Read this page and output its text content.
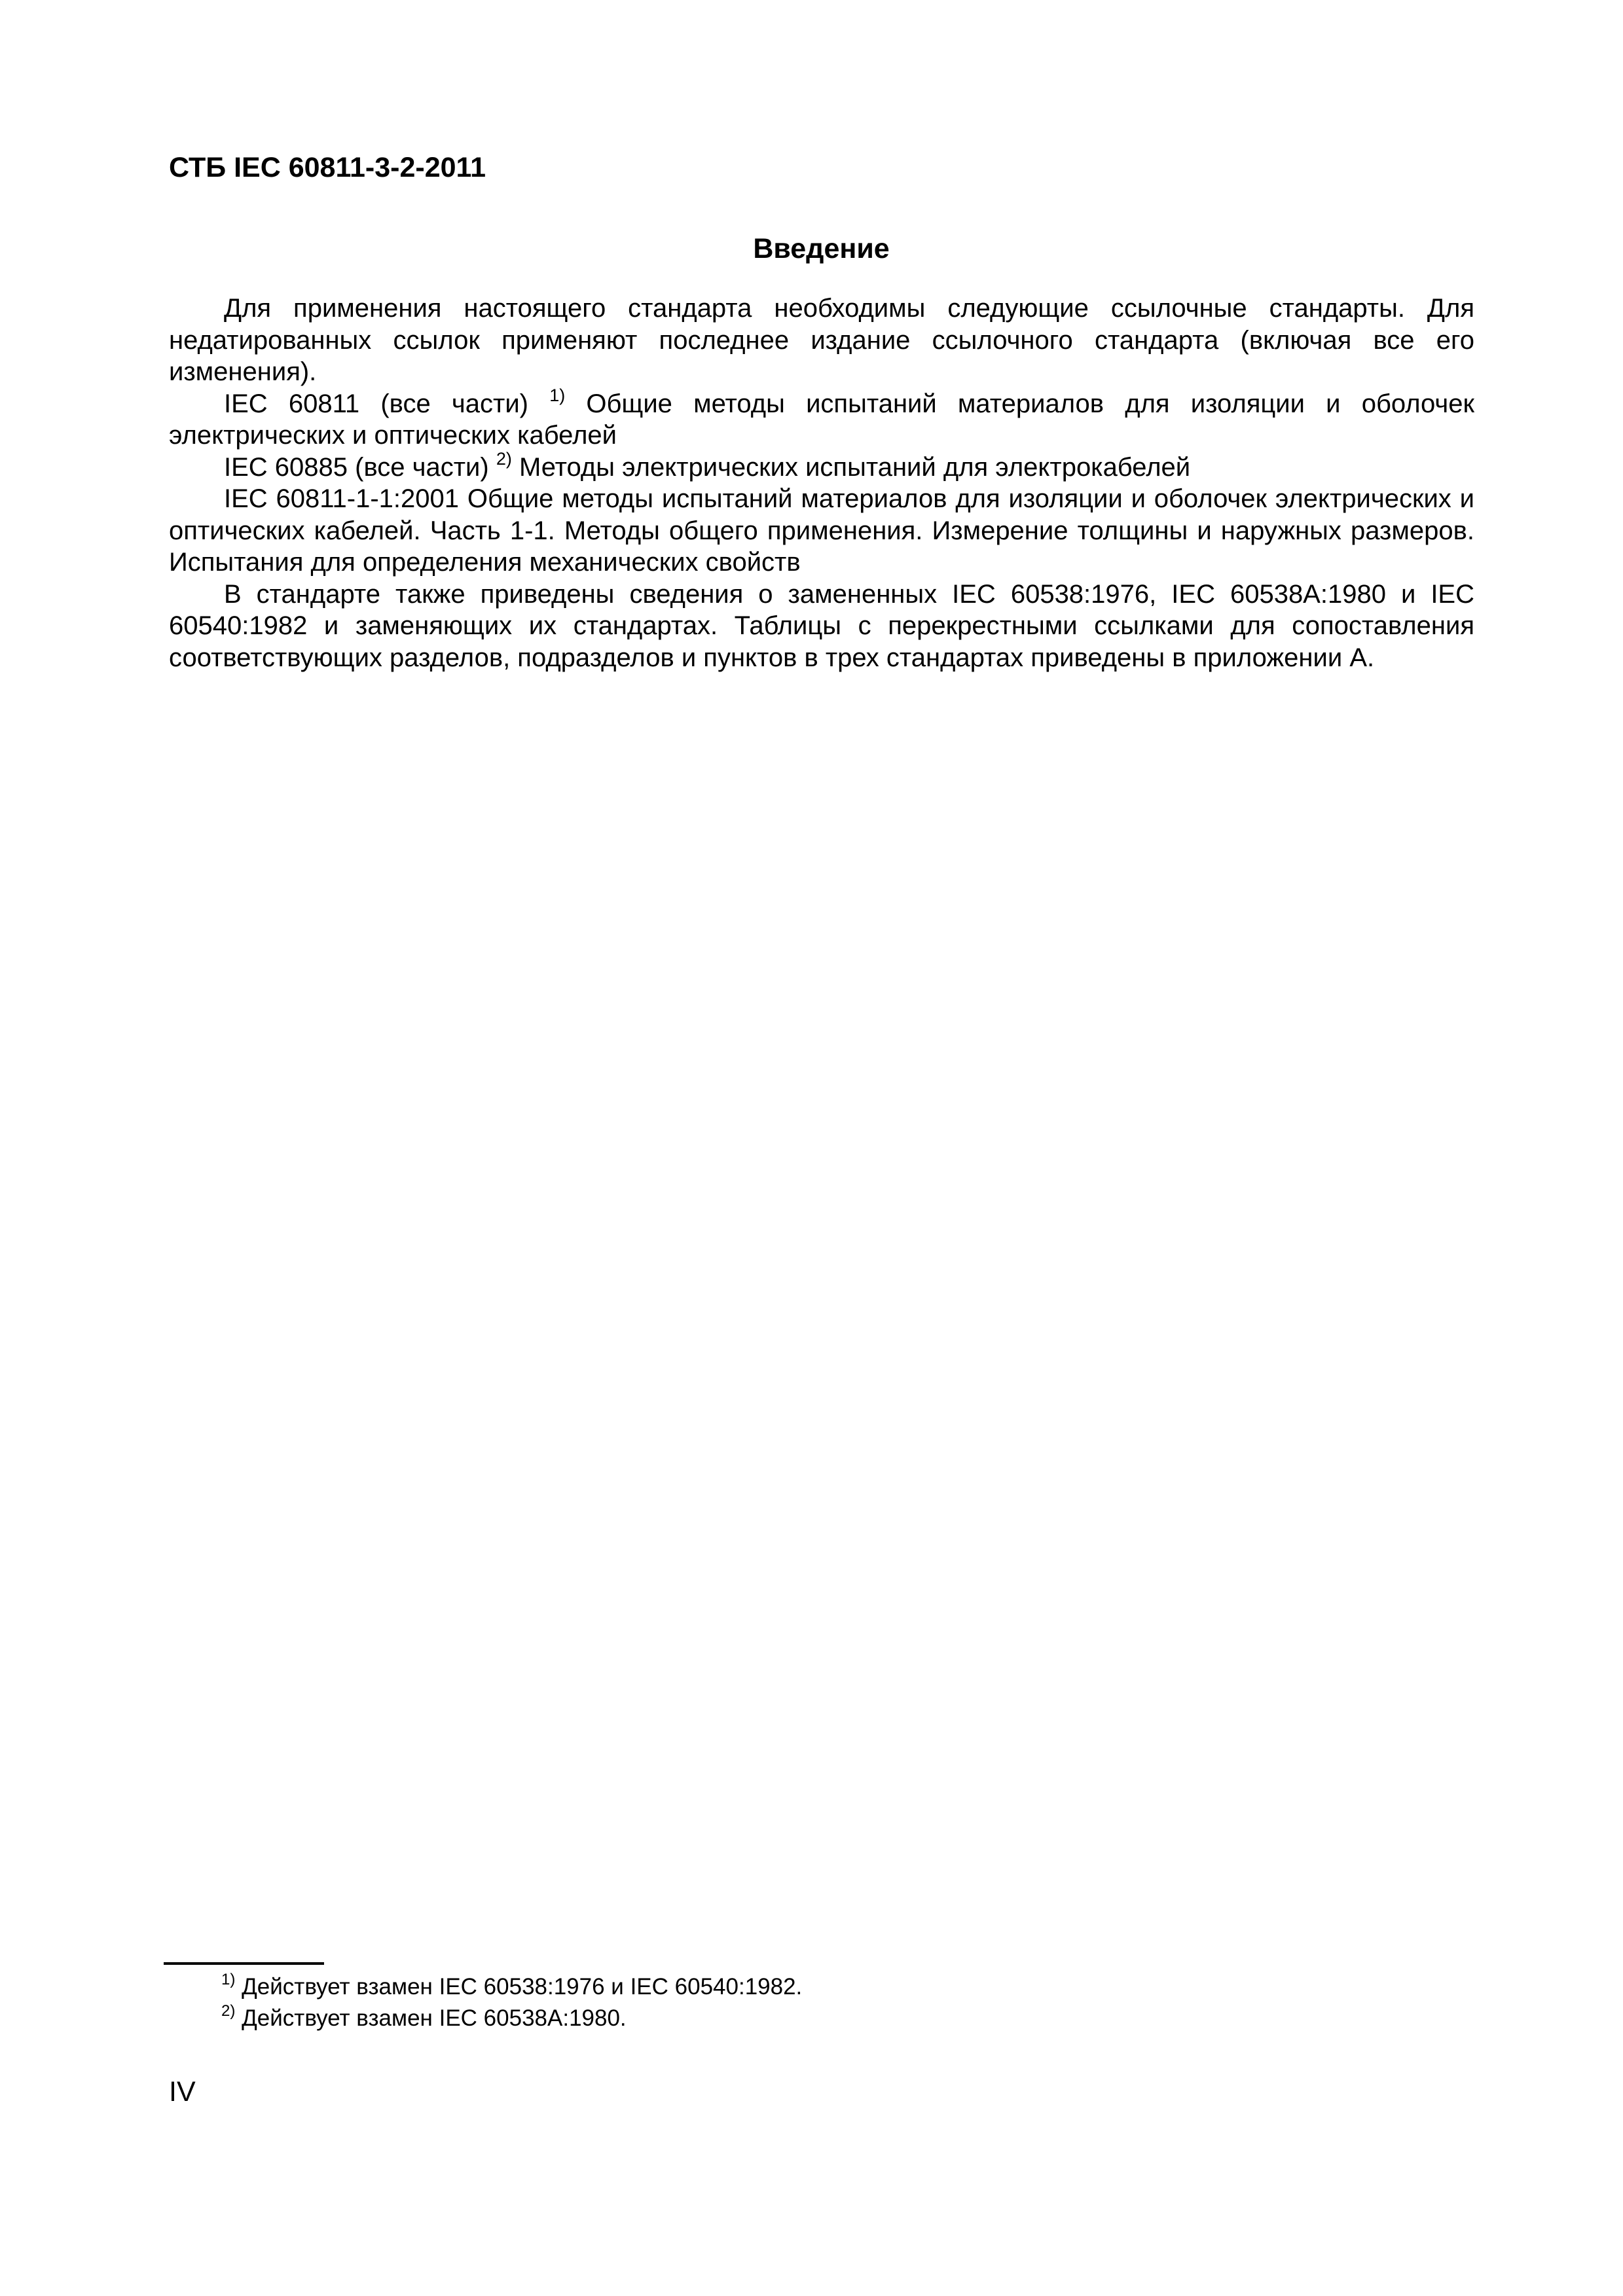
СТБ IEC 60811-3-2-2011
Введение

Для применения настоящего стандарта необходимы следующие ссылочные стандарты. Для недатированных ссылок применяют последнее издание ссылочного стандарта (включая все его изменения).

IEC 60811 (все части) $^{1)}$ Общие методы испытаний материалов для изоляции и оболочек электрических и оптических кабелей

IEC 60885 (все части) $^{2)}$ Методы электрических испытаний для электрокабелей

IEC 60811-1-1:2001 Общие методы испытаний материалов для изоляции и оболочек электрических и оптических кабелей. Часть 1-1. Методы общего применения. Измерение толщины и наружных размеров. Испытания для определения механических свойств

В стандарте также приведены сведения о замененных IEC 60538:1976, IEC 60538A:1980 и IEC 60540:1982 и заменяющих их стандартах. Таблицы с перекрестными ссылками для сопоставления соответствующих разделов, подразделов и пунктов в трех стандартах приведены в приложении А.

$^{1)}$ Действует взамен IEC 60538:1976 и IEC 60540:1982.
$^{2)}$ Действует взамен IEC 60538A:1980.
IV
